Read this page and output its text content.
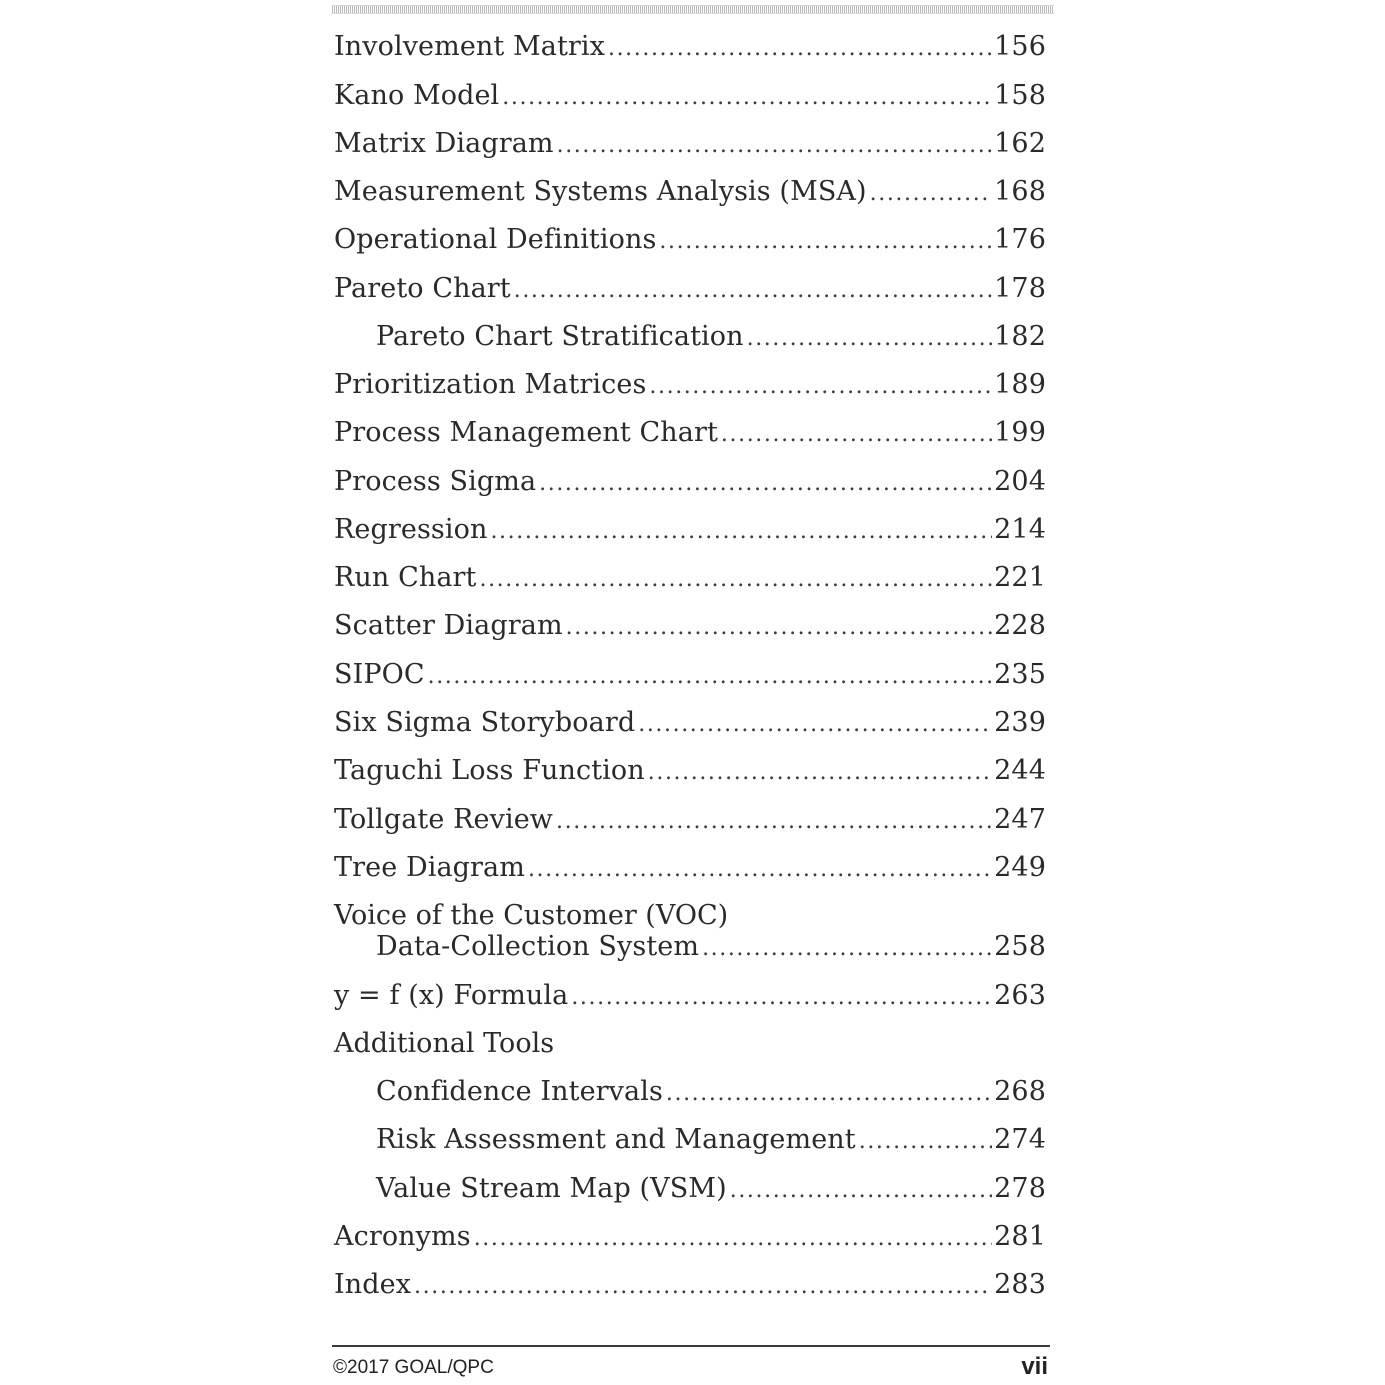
Involvement Matrix .....	156
Kano Model .....	158
Matrix Diagram .....	162
Measurement Systems Analysis (MSA) .....	168
Operational Definitions .....	176
Pareto Chart .....	178
Pareto Chart Stratification .....	182
Prioritization Matrices .....	189
Process Management Chart .....	199
Process Sigma .....	204
Regression .....	214
Run Chart .....	221
Scatter Diagram .....	228
SIPOC .....	235
Six Sigma Storyboard .....	239
Taguchi Loss Function .....	244
Tollgate Review .....	247
Tree Diagram .....	249
Voice of the Customer (VOC)
Data-Collection System .....	258
y = f (x) Formula .....	263
Additional Tools
Confidence Intervals .....	268
Risk Assessment and Management .....	274
Value Stream Map (VSM) .....	278
Acronyms .....	281
Index .....	283
©2017 GOAL/QPC	vii
